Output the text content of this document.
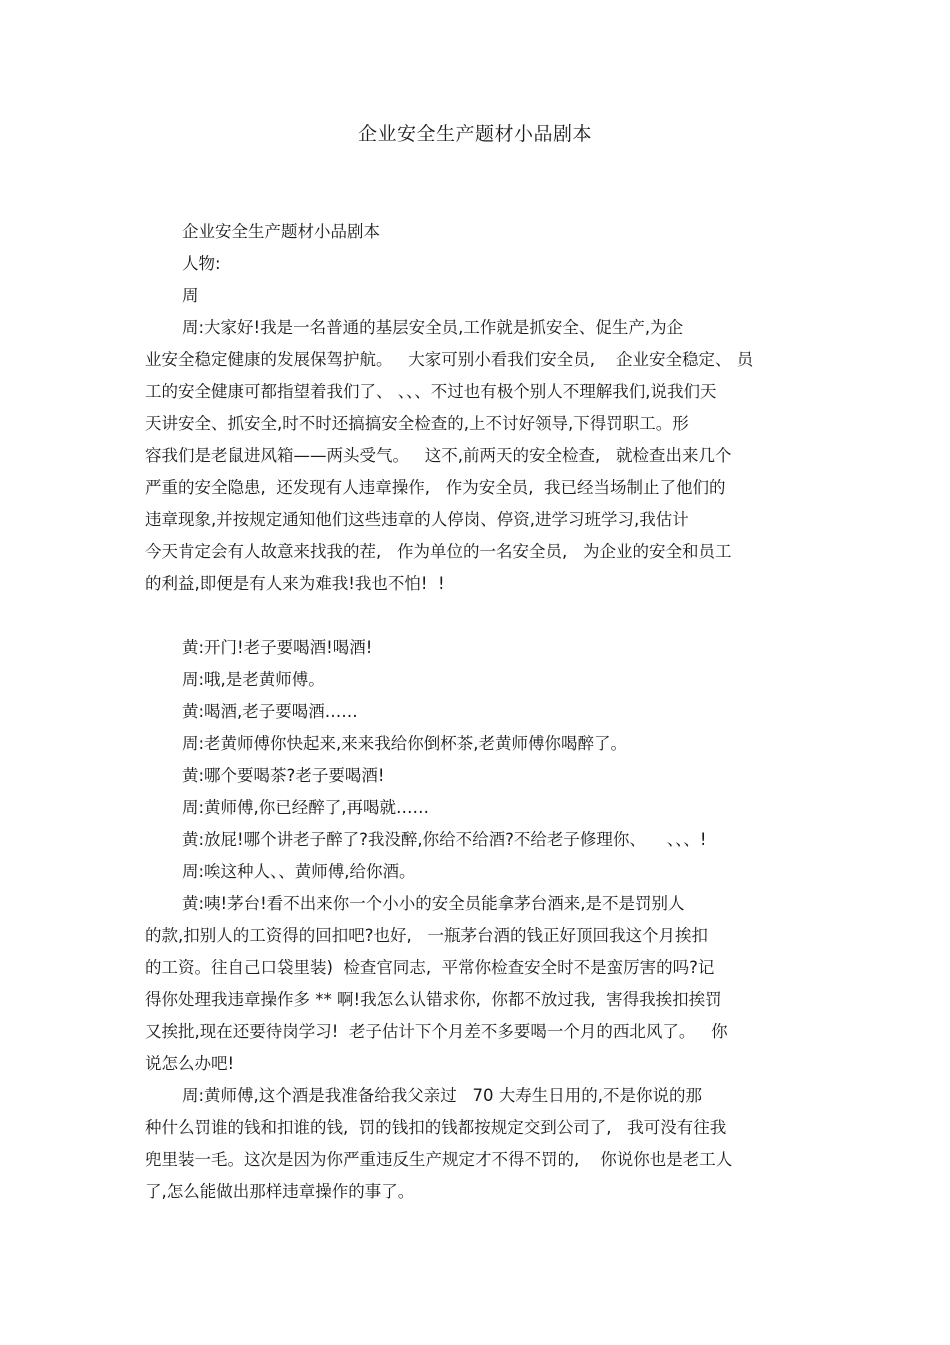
企业安全生产题材小品剧本
企业安全生产题材小品剧本
人物:
周
周:大家好!我是一名普通的基层安全员,工作就是抓安全、促生产,为企
业安全稳定健康的发展保驾护航。   大家可别小看我们安全员,    企业安全稳定、 员
工的安全健康可都指望着我们了、 、、、不过也有极个别人不理解我们,说我们天
天讲安全、抓安全,时不时还搞搞安全检查的,上不讨好领导,下得罚职工。形
容我们是老鼠进风箱——两头受气。   这不,前两天的安全检查,   就检查出来几个
严重的安全隐患,  还发现有人违章操作,   作为安全员,  我已经当场制止了他们的
违章现象,并按规定通知他们这些违章的人停岗、停资,进学习班学习,我估计
今天肯定会有人故意来找我的茬,   作为单位的一名安全员,   为企业的安全和员工
的利益,即便是有人来为难我!我也不怕!  !
黄:开门!老子要喝酒!喝酒!
周:哦,是老黄师傅。
黄:喝酒,老子要喝酒……
周:老黄师傅你快起来,来来我给你倒杯茶,老黄师傅你喝醉了。
黄:哪个要喝茶?老子要喝酒!
周:黄师傅,你已经醉了,再喝就……
黄:放屁!哪个讲老子醉了?我没醉,你给不给酒?不给老子修理你、    、、、!
周:唉这种人、、黄师傅,给你酒。
黄:咦!茅台!看不出来你一个小小的安全员能拿茅台酒来,是不是罚别人
的款,扣别人的工资得的回扣吧?也好,   一瓶茅台酒的钱正好顶回我这个月挨扣
的工资。往自己口袋里装)  检查官同志,  平常你检查安全时不是蛮厉害的吗?记
得你处理我违章操作多 ** 啊!我怎么认错求你,  你都不放过我,  害得我挨扣挨罚
又挨批,现在还要待岗学习!  老子估计下个月差不多要喝一个月的西北风了。   你
说怎么办吧!
周:黄师傅,这个酒是我准备给我父亲过   70 大寿生日用的,不是你说的那
种什么罚谁的钱和扣谁的钱,  罚的钱扣的钱都按规定交到公司了,   我可没有往我
兜里装一毛。这次是因为你严重违反生产规定才不得不罚的,    你说你也是老工人
了,怎么能做出那样违章操作的事了。
